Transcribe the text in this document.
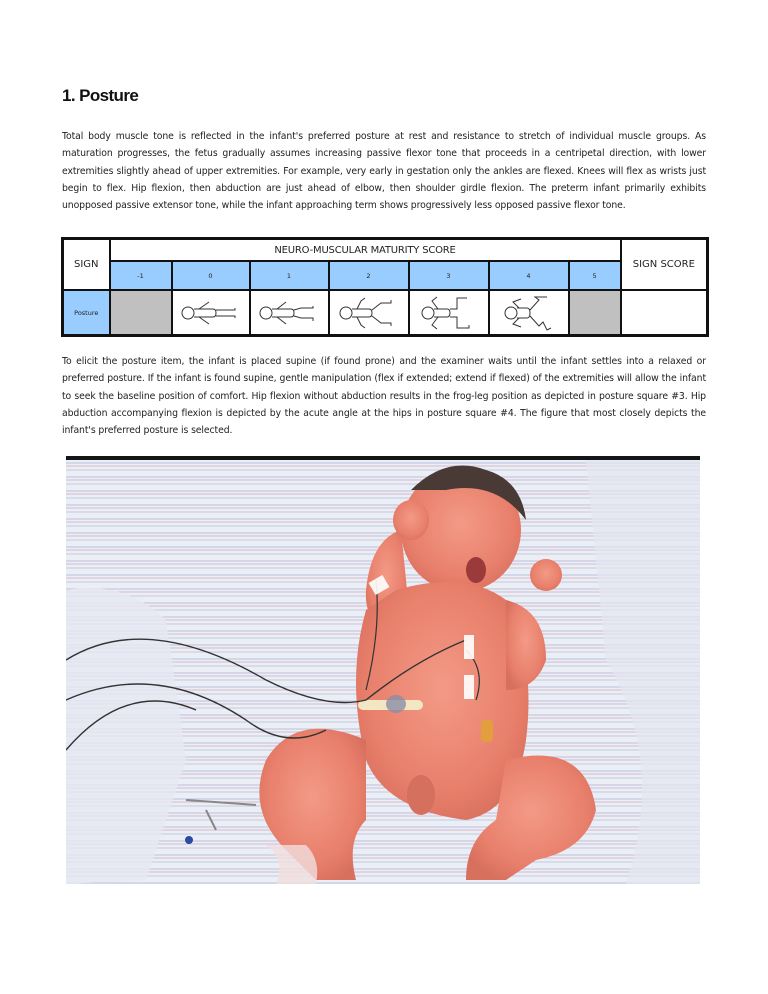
1. Posture

Total body muscle tone is reflected in the infant's preferred posture at rest and resistance to stretch of individual muscle groups. As maturation progresses, the fetus gradually assumes increasing passive flexor tone that proceeds in a centripetal direction, with lower extremities slightly ahead of upper extremities. For example, very early in gestation only the ankles are flexed. Knees will flex as wrists just begin to flex. Hip flexion, then abduction are just ahead of elbow, then shoulder girdle flexion. The preterm infant primarily exhibits unopposed passive extensor tone, while the infant approaching term shows progressively less opposed passive flexor tone.

SIGN	NEURO-MUSCULAR MATURITY SCORE							SIGN SCORE
	-1	0	1	2	3	4	5	
Posture		

To elicit the posture item, the infant is placed supine (if found prone) and the examiner waits until the infant settles into a relaxed or preferred posture. If the infant is found supine, gentle manipulation (flex if extended; extend if flexed) of the extremities will allow the infant to seek the baseline position of comfort. Hip flexion without abduction results in the frog-leg position as depicted in posture square #3. Hip abduction accompanying flexion is depicted by the acute angle at the hips in posture square #4. The figure that most closely depicts the infant's preferred posture is selected.
